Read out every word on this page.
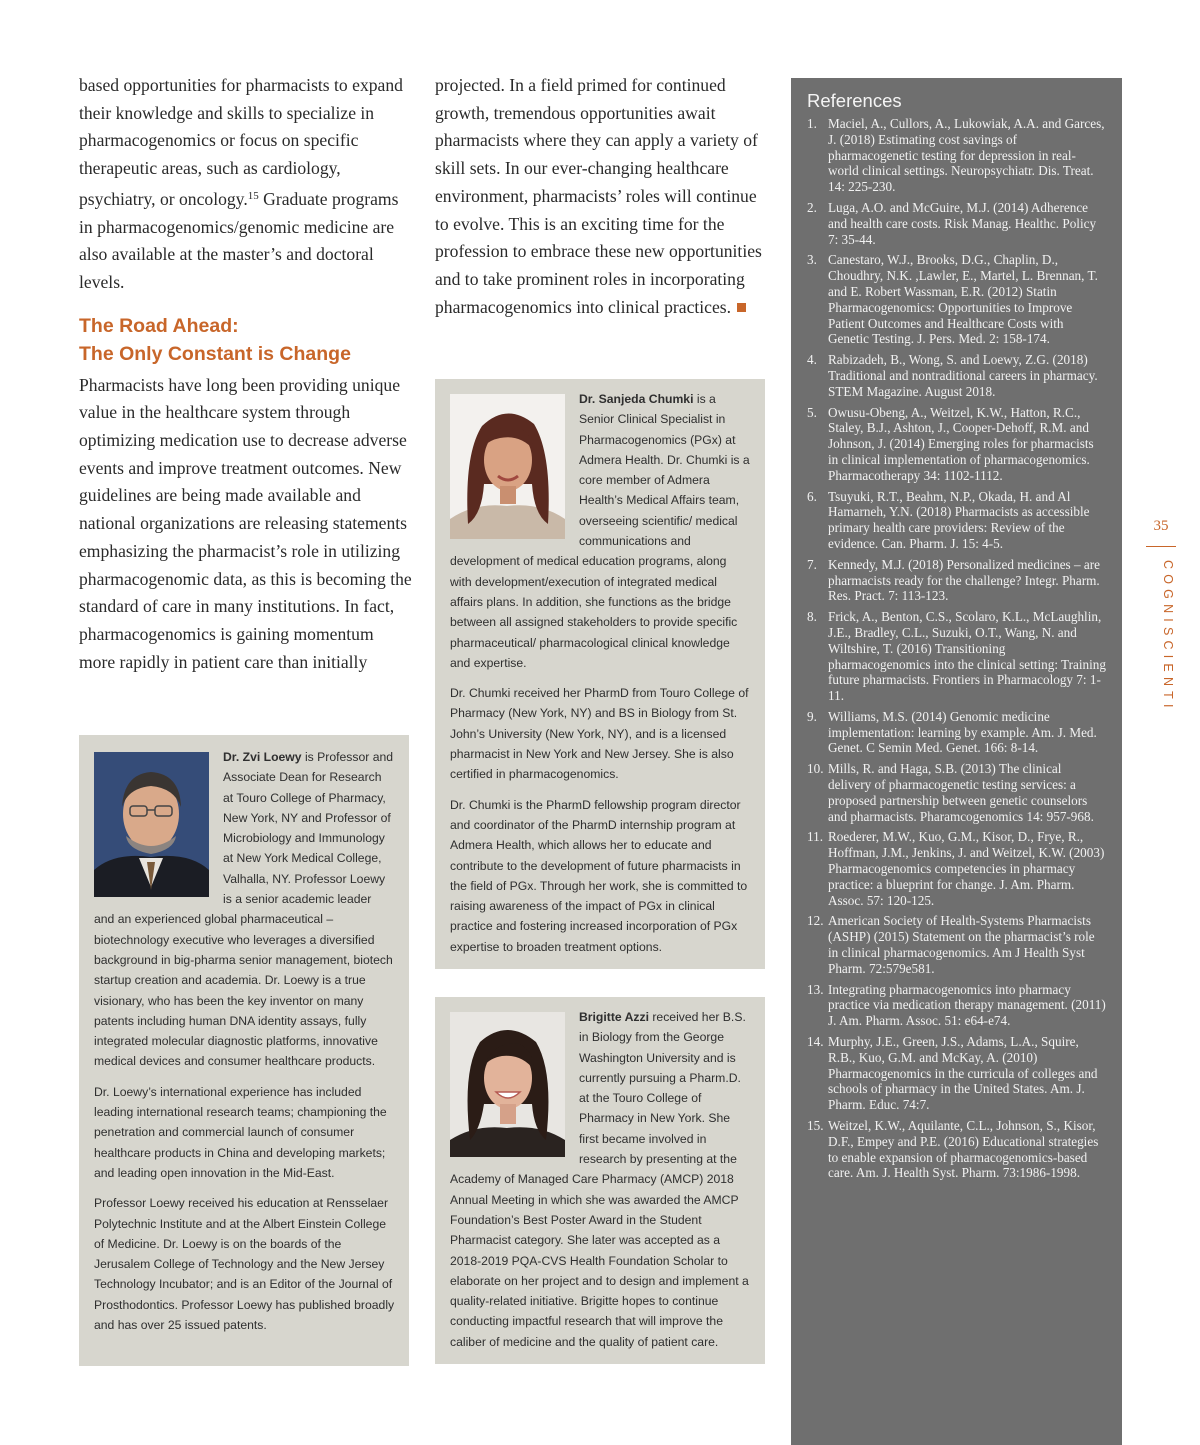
based opportunities for pharmacists to expand their knowledge and skills to specialize in pharmacogenomics or focus on specific therapeutic areas, such as cardiology, psychiatry, or oncology.$^{15}$ Graduate programs in pharmacogenomics/genomic medicine are also available at the master’s and doctoral levels.

The Road Ahead:
The Only Constant is Change

Pharmacists have long been providing unique value in the healthcare system through optimizing medication use to decrease adverse events and improve treatment outcomes. New guidelines are being made available and national organizations are releasing statements emphasizing the pharmacist’s role in utilizing pharmacogenomic data, as this is becoming the standard of care in many institutions. In fact, pharmacogenomics is gaining momentum more rapidly in patient care than initially

projected. In a field primed for continued growth, tremendous opportunities await pharmacists where they can apply a variety of skill sets. In our ever-changing healthcare environment, pharmacists’ roles will continue to evolve. This is an exciting time for the profession to embrace these new opportunities and to take prominent roles in incorporating pharmacogenomics into clinical practices.

Dr. Zvi Loewy is Professor and Associate Dean for Research at Touro College of Pharmacy, New York, NY and Professor of Microbiology and Immunology at New York Medical College, Valhalla, NY. Professor Loewy is a senior academic leader and an experienced global pharmaceutical – biotechnology executive who leverages a diversified background in big-pharma senior management, biotech startup creation and academia. Dr. Loewy is a true visionary, who has been the key inventor on many patents including human DNA identity assays, fully integrated molecular diagnostic platforms, innovative medical devices and consumer healthcare products.

Dr. Loewy’s international experience has included leading international research teams; championing the penetration and commercial launch of consumer healthcare products in China and developing markets; and leading open innovation in the Mid-East.

Professor Loewy received his education at Rensselaer Polytechnic Institute and at the Albert Einstein College of Medicine. Dr. Loewy is on the boards of the Jerusalem College of Technology and the New Jersey Technology Incubator; and is an Editor of the Journal of Prosthodontics. Professor Loewy has published broadly and has over 25 issued patents.

Dr. Sanjeda Chumki is a Senior Clinical Specialist in Pharmacogenomics (PGx) at Admera Health. Dr. Chumki is a core member of Admera Health’s Medical Affairs team, overseeing scientific/ medical communications and development of medical education programs, along with development/execution of integrated medical affairs plans. In addition, she functions as the bridge between all assigned stakeholders to provide specific pharmaceutical/ pharmacological clinical knowledge and expertise.

Dr. Chumki received her PharmD from Touro College of Pharmacy (New York, NY) and BS in Biology from St. John’s University (New York, NY), and is a licensed pharmacist in New York and New Jersey. She is also certified in pharmacogenomics.

Dr. Chumki is the PharmD fellowship program director and coordinator of the PharmD internship program at Admera Health, which allows her to educate and contribute to the development of future pharmacists in the field of PGx. Through her work, she is committed to raising awareness of the impact of PGx in clinical practice and fostering increased incorporation of PGx expertise to broaden treatment options.

Brigitte Azzi received her B.S. in Biology from the George Washington University and is currently pursuing a Pharm.D. at the Touro College of Pharmacy in New York. She first became involved in research by presenting at the Academy of Managed Care Pharmacy (AMCP) 2018 Annual Meeting in which she was awarded the AMCP Foundation’s Best Poster Award in the Student Pharmacist category. She later was accepted as a 2018-2019 PQA-CVS Health Foundation Scholar to elaborate on her project and to design and implement a quality-related initiative. Brigitte hopes to continue conducting impactful research that will improve the caliber of medicine and the quality of patient care.

References
1. Maciel, A., Cullors, A., Lukowiak, A.A. and Garces, J. (2018) Estimating cost savings of pharmacogenetic testing for depression in real-world clinical settings. Neuropsychiatr. Dis. Treat. 14: 225-230.
2. Luga, A.O. and McGuire, M.J. (2014) Adherence and health care costs. Risk Manag. Healthc. Policy 7: 35-44.
3. Canestaro, W.J., Brooks, D.G., Chaplin, D., Choudhry, N.K. ,Lawler, E., Martel, L. Brennan, T. and E. Robert Wassman, E.R. (2012) Statin Pharmacogenomics: Opportunities to Improve Patient Outcomes and Healthcare Costs with Genetic Testing. J. Pers. Med. 2: 158-174.
4. Rabizadeh, B., Wong, S. and Loewy, Z.G. (2018) Traditional and nontraditional careers in pharmacy. STEM Magazine. August 2018.
5. Owusu-Obeng, A., Weitzel, K.W., Hatton, R.C., Staley, B.J., Ashton, J., Cooper-Dehoff, R.M. and Johnson, J. (2014) Emerging roles for pharmacists in clinical implementation of pharmacogenomics. Pharmacotherapy 34: 1102-1112.
6. Tsuyuki, R.T., Beahm, N.P., Okada, H. and Al Hamarneh, Y.N. (2018) Pharmacists as accessible primary health care providers: Review of the evidence. Can. Pharm. J. 15: 4-5.
7. Kennedy, M.J. (2018) Personalized medicines – are pharmacists ready for the challenge? Integr. Pharm. Res. Pract. 7: 113-123.
8. Frick, A., Benton, C.S., Scolaro, K.L., McLaughlin, J.E., Bradley, C.L., Suzuki, O.T., Wang, N. and Wiltshire, T. (2016) Transitioning pharmacogenomics into the clinical setting: Training future pharmacists. Frontiers in Pharmacology 7: 1-11.
9. Williams, M.S. (2014) Genomic medicine implementation: learning by example. Am. J. Med. Genet. C Semin Med. Genet. 166: 8-14.
10. Mills, R. and Haga, S.B. (2013) The clinical delivery of pharmacogenetic testing services: a proposed partnership between genetic counselors and pharmacists. Pharamcogenomics 14: 957-968.
11. Roederer, M.W., Kuo, G.M., Kisor, D., Frye, R., Hoffman, J.M., Jenkins, J. and Weitzel, K.W. (2003) Pharmacogenomics competencies in pharmacy practice: a blueprint for change. J. Am. Pharm. Assoc. 57: 120-125.
12. American Society of Health-Systems Pharmacists (ASHP) (2015) Statement on the pharmacist’s role in clinical pharmacogenomics. Am J Health Syst Pharm. 72:579e581.
13. Integrating pharmacogenomics into pharmacy practice via medication therapy management. (2011) J. Am. Pharm. Assoc. 51: e64-e74.
14. Murphy, J.E., Green, J.S., Adams, L.A., Squire, R.B., Kuo, G.M. and McKay, A. (2010) Pharmacogenomics in the curricula of colleges and schools of pharmacy in the United States. Am. J. Pharm. Educ. 74:7.
15. Weitzel, K.W., Aquilante, C.L., Johnson, S., Kisor, D.F., Empey and P.E. (2016) Educational strategies to enable expansion of pharmacogenomics-based care. Am. J. Health Syst. Pharm. 73:1986-1998.
35
COGNISCIENTI
